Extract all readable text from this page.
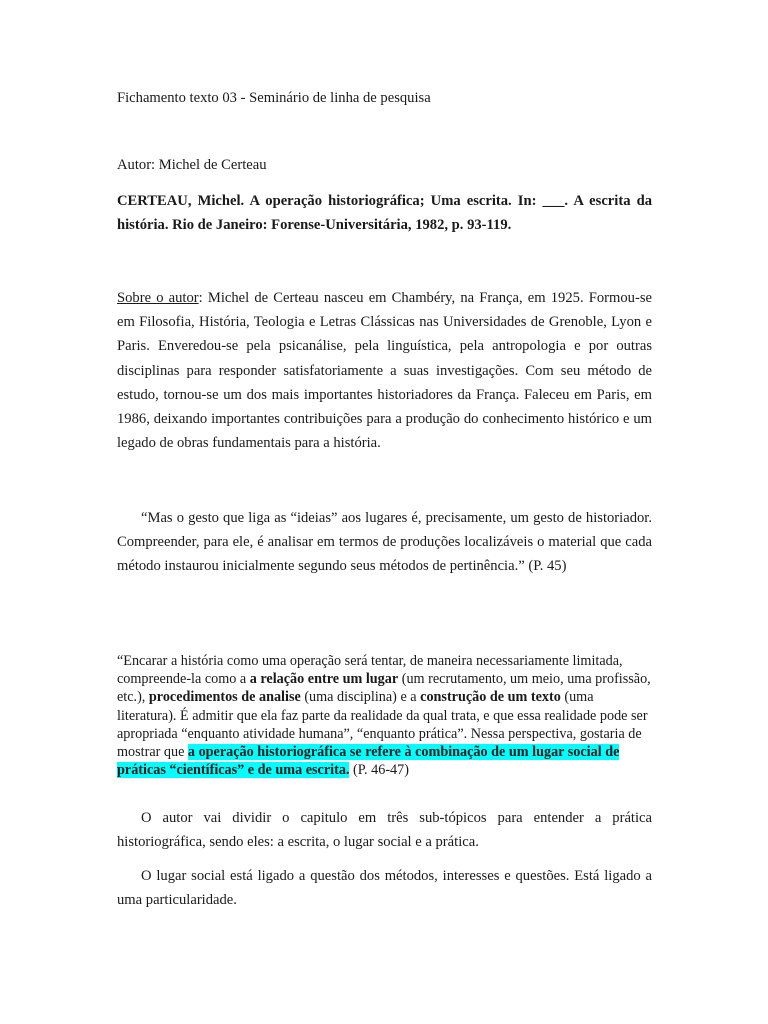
Fichamento texto 03 - Seminário de linha de pesquisa

Autor: Michel de Certeau

CERTEAU, Michel. A operação historiográfica; Uma escrita. In: ___. A escrita da história. Rio de Janeiro: Forense-Universitária, 1982, p. 93-119.

Sobre o autor: Michel de Certeau nasceu em Chambéry, na França, em 1925. Formou-se em Filosofia, História, Teologia e Letras Clássicas nas Universidades de Grenoble, Lyon e Paris. Enveredou-se pela psicanálise, pela linguística, pela antropologia e por outras disciplinas para responder satisfatoriamente a suas investigações. Com seu método de estudo, tornou-se um dos mais importantes historiadores da França. Faleceu em Paris, em 1986, deixando importantes contribuições para a produção do conhecimento histórico e um legado de obras fundamentais para a história.

“Mas o gesto que liga as “ideias” aos lugares é, precisamente, um gesto de historiador. Compreender, para ele, é analisar em termos de produções localizáveis o material que cada método instaurou inicialmente segundo seus métodos de pertinência.” (P. 45)

“Encarar a história como uma operação será tentar, de maneira necessariamente limitada, compreende-la como a a relação entre um lugar (um recrutamento, um meio, uma profissão, etc.), procedimentos de analise (uma disciplina) e a construção de um texto (uma literatura). É admitir que ela faz parte da realidade da qual trata, e que essa realidade pode ser apropriada “enquanto atividade humana”, “enquanto prática”. Nessa perspectiva, gostaria de mostrar que a operação historiográfica se refere à combinação de um lugar social de práticas “científicas” e de uma escrita. (P. 46-47)

O autor vai dividir o capitulo em três sub-tópicos para entender a prática historiográfica, sendo eles: a escrita, o lugar social e a prática.

O lugar social está ligado a questão dos métodos, interesses e questões. Está ligado a uma particularidade.
